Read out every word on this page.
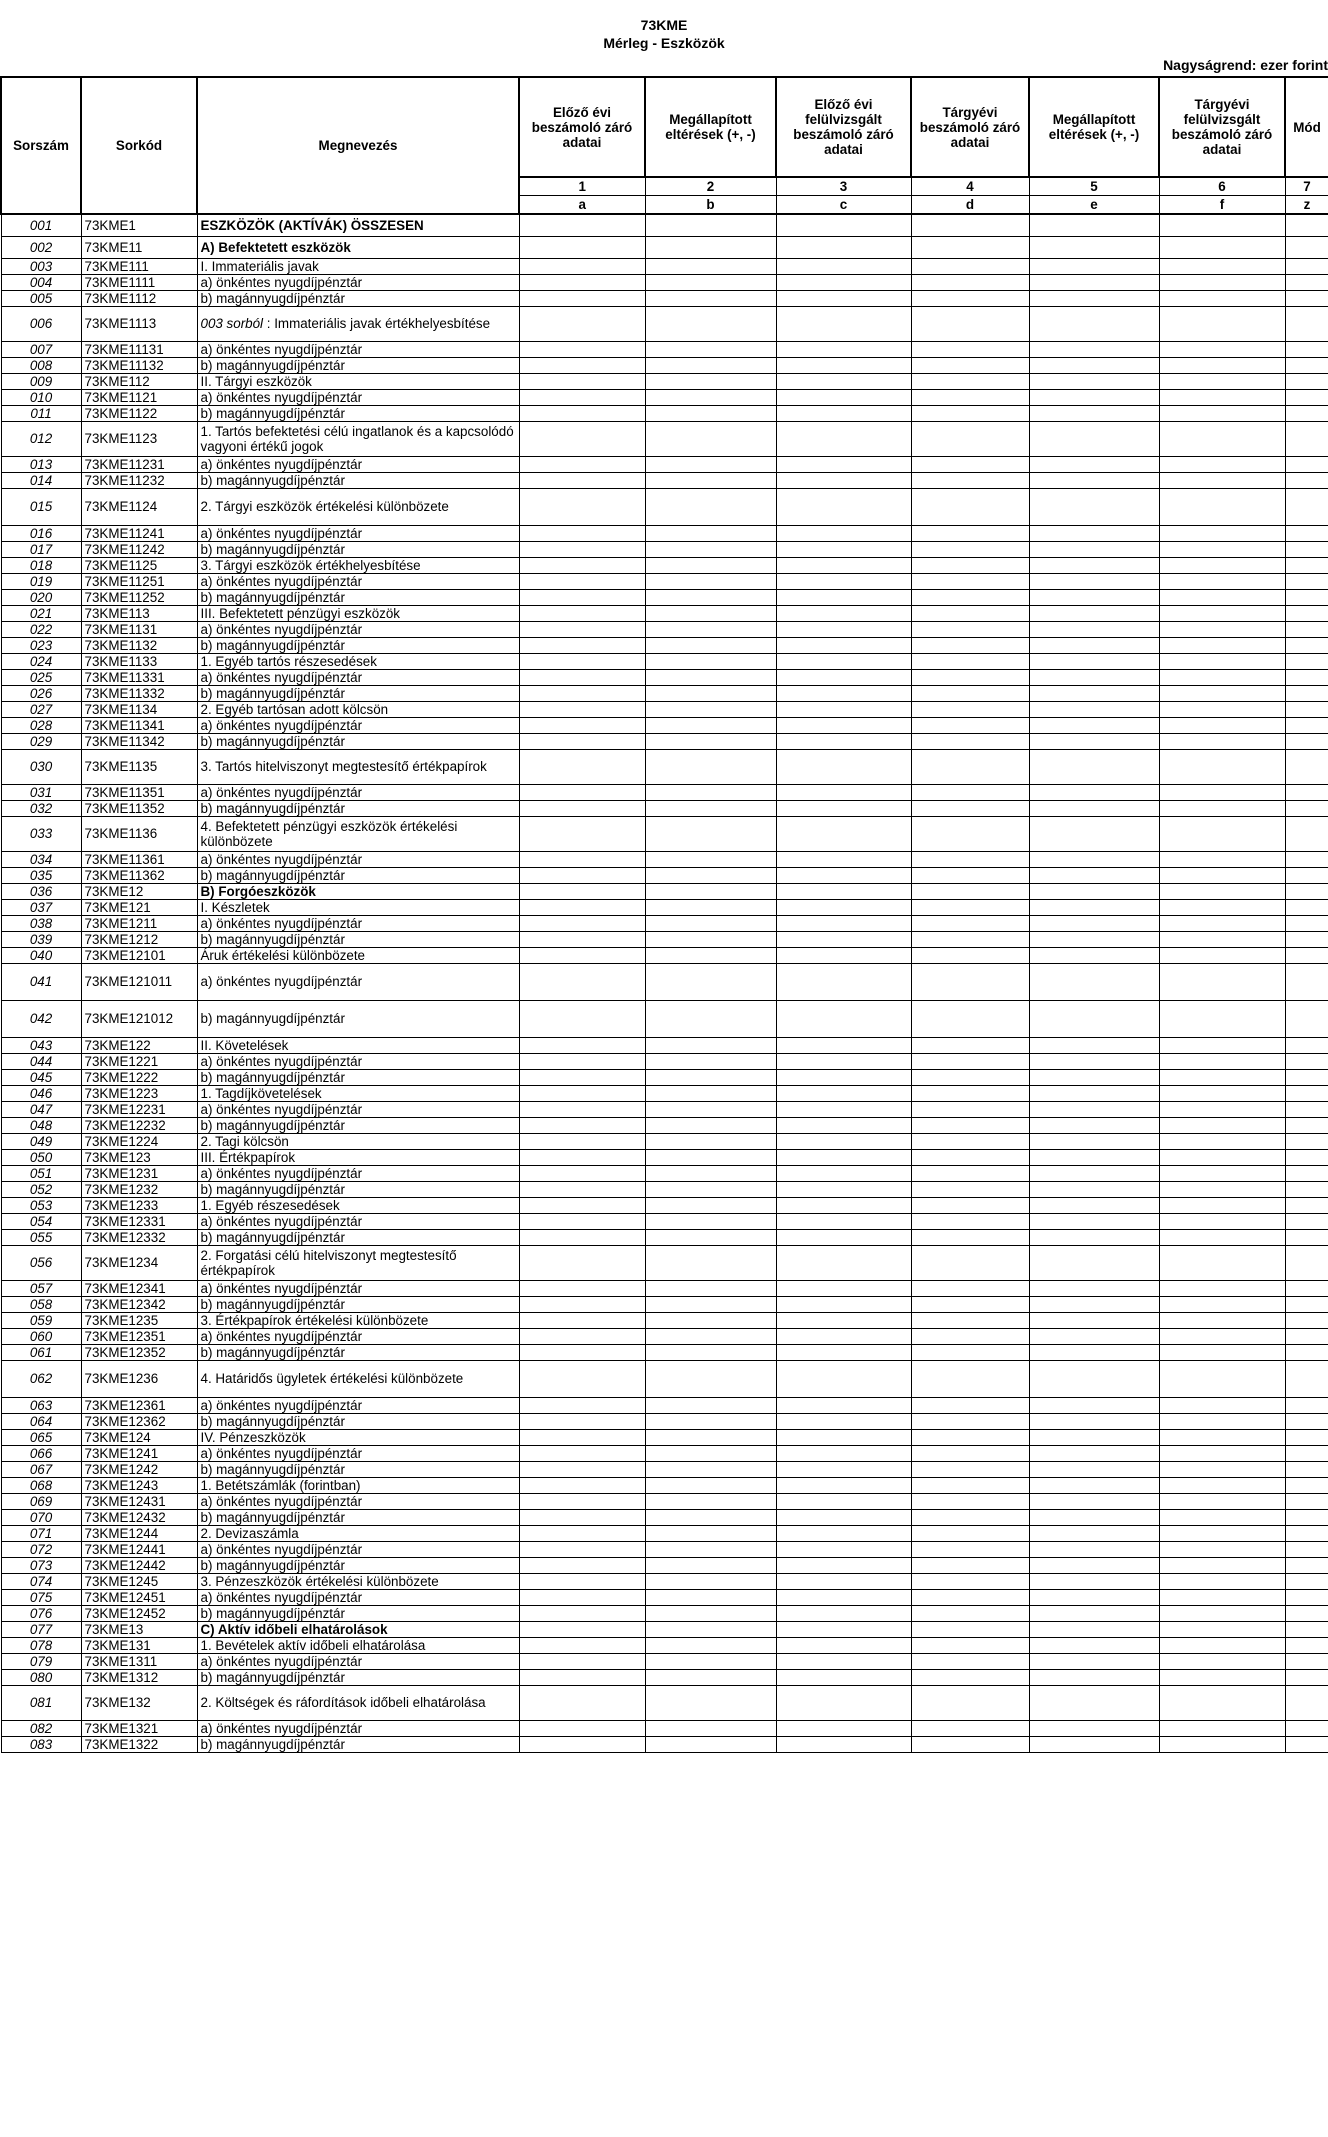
73KME
Mérleg - Eszközök
Nagyságrend: ezer forint
Sorszám	Sorkód	Megnevezés	Előző évi beszámoló záró adatai	Megállapított eltérések (+, -)	Előző évi felülvizsgált beszámoló záró adatai	Tárgyévi beszámoló záró adatai	Megállapított eltérések (+, -)	Tárgyévi felülvizsgált beszámoló záró adatai	Mód
			1	2	3	4	5	6	7
			a	b	c	d	e	f	z
001	73KME1	ESZKÖZÖK (AKTÍVÁK) ÖSSZESEN							
002	73KME11	A) Befektetett eszközök							
003	73KME111	I. Immateriális javak							
004	73KME1111	a) önkéntes nyugdíjpénztár							
005	73KME1112	b) magánnyugdíjpénztár							
006	73KME1113	003 sorból : Immateriális javak értékhelyesbítése							
007	73KME11131	a) önkéntes nyugdíjpénztár							
008	73KME11132	b) magánnyugdíjpénztár							
009	73KME112	II. Tárgyi eszközök							
010	73KME1121	a) önkéntes nyugdíjpénztár							
011	73KME1122	b) magánnyugdíjpénztár							
012	73KME1123	1. Tartós befektetési célú ingatlanok és a kapcsolódó vagyoni értékű jogok							
013	73KME11231	a) önkéntes nyugdíjpénztár							
014	73KME11232	b) magánnyugdíjpénztár							
015	73KME1124	2. Tárgyi eszközök értékelési különbözete							
016	73KME11241	a) önkéntes nyugdíjpénztár							
017	73KME11242	b) magánnyugdíjpénztár							
018	73KME1125	3. Tárgyi eszközök értékhelyesbítése							
019	73KME11251	a) önkéntes nyugdíjpénztár							
020	73KME11252	b) magánnyugdíjpénztár							
021	73KME113	III. Befektetett pénzügyi eszközök							
022	73KME1131	a) önkéntes nyugdíjpénztár							
023	73KME1132	b) magánnyugdíjpénztár							
024	73KME1133	1. Egyéb tartós részesedések							
025	73KME11331	a) önkéntes nyugdíjpénztár							
026	73KME11332	b) magánnyugdíjpénztár							
027	73KME1134	2. Egyéb tartósan adott kölcsön							
028	73KME11341	a) önkéntes nyugdíjpénztár							
029	73KME11342	b) magánnyugdíjpénztár							
030	73KME1135	3. Tartós hitelviszonyt megtestesítő értékpapírok							
031	73KME11351	a) önkéntes nyugdíjpénztár							
032	73KME11352	b) magánnyugdíjpénztár							
033	73KME1136	4. Befektetett pénzügyi eszközök értékelési különbözete							
034	73KME11361	a) önkéntes nyugdíjpénztár							
035	73KME11362	b) magánnyugdíjpénztár							
036	73KME12	B) Forgóeszközök							
037	73KME121	I. Készletek							
038	73KME1211	a) önkéntes nyugdíjpénztár							
039	73KME1212	b) magánnyugdíjpénztár							
040	73KME12101	Áruk értékelési különbözete							
041	73KME121011	a) önkéntes nyugdíjpénztár							
042	73KME121012	b) magánnyugdíjpénztár							
043	73KME122	II. Követelések							
044	73KME1221	a) önkéntes nyugdíjpénztár							
045	73KME1222	b) magánnyugdíjpénztár							
046	73KME1223	1. Tagdíjkövetelések							
047	73KME12231	a) önkéntes nyugdíjpénztár							
048	73KME12232	b) magánnyugdíjpénztár							
049	73KME1224	2. Tagi kölcsön							
050	73KME123	III. Értékpapírok							
051	73KME1231	a) önkéntes nyugdíjpénztár							
052	73KME1232	b) magánnyugdíjpénztár							
053	73KME1233	1. Egyéb részesedések							
054	73KME12331	a) önkéntes nyugdíjpénztár							
055	73KME12332	b) magánnyugdíjpénztár							
056	73KME1234	2. Forgatási célú hitelviszonyt megtestesítő értékpapírok							
057	73KME12341	a) önkéntes nyugdíjpénztár							
058	73KME12342	b) magánnyugdíjpénztár							
059	73KME1235	3. Értékpapírok értékelési különbözete							
060	73KME12351	a) önkéntes nyugdíjpénztár							
061	73KME12352	b) magánnyugdíjpénztár							
062	73KME1236	4. Határidős ügyletek értékelési különbözete							
063	73KME12361	a) önkéntes nyugdíjpénztár							
064	73KME12362	b) magánnyugdíjpénztár							
065	73KME124	IV. Pénzeszközök							
066	73KME1241	a) önkéntes nyugdíjpénztár							
067	73KME1242	b) magánnyugdíjpénztár							
068	73KME1243	1. Betétszámlák (forintban)							
069	73KME12431	a) önkéntes nyugdíjpénztár							
070	73KME12432	b) magánnyugdíjpénztár							
071	73KME1244	2. Devizaszámla							
072	73KME12441	a) önkéntes nyugdíjpénztár							
073	73KME12442	b) magánnyugdíjpénztár							
074	73KME1245	3. Pénzeszközök értékelési különbözete							
075	73KME12451	a) önkéntes nyugdíjpénztár							
076	73KME12452	b) magánnyugdíjpénztár							
077	73KME13	C) Aktív időbeli elhatárolások							
078	73KME131	1. Bevételek aktív időbeli elhatárolása							
079	73KME1311	a) önkéntes nyugdíjpénztár							
080	73KME1312	b) magánnyugdíjpénztár							
081	73KME132	2. Költségek és ráfordítások időbeli elhatárolása							
082	73KME1321	a) önkéntes nyugdíjpénztár							
083	73KME1322	b) magánnyugdíjpénztár							
